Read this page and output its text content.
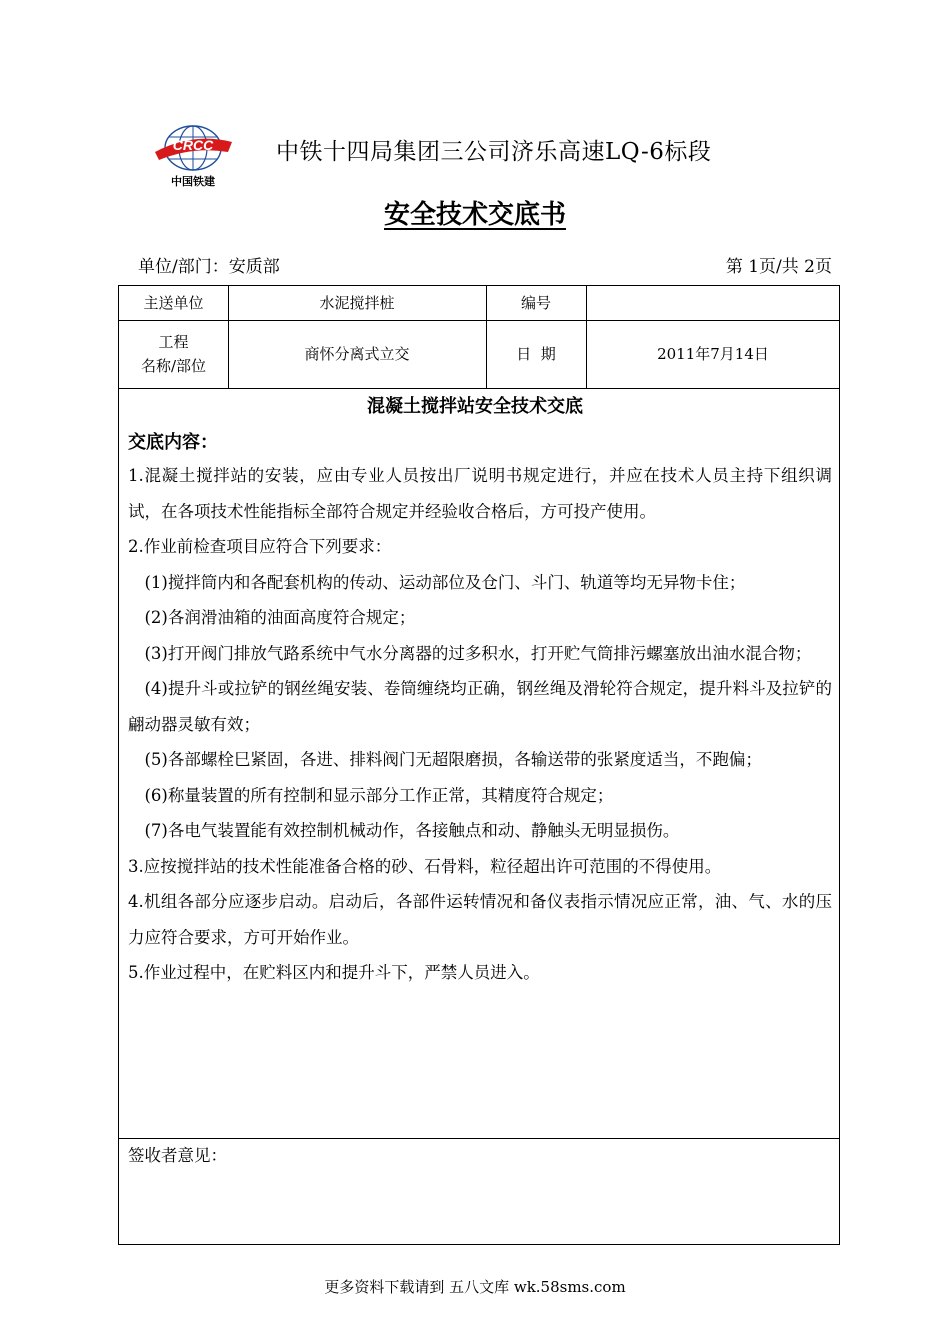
CRCC
中国铁建
中铁十四局集团三公司济乐高速LQ-6标段
安全技术交底书
单位/部门：安质部	第 1页/共 2页
主送单位	水泥搅拌桩	编号
工程
名称/部位
商怀分离式立交	日  期	2011年7月14日
混凝土搅拌站安全技术交底
交底内容：

1.混凝土搅拌站的安装，应由专业人员按出厂说明书规定进行，并应在技术人员主持下组织调试，在各项技术性能指标全部符合规定并经验收合格后，方可投产使用。

2.作业前检查项目应符合下列要求：

(1)搅拌筒内和各配套机构的传动、运动部位及仓门、斗门、轨道等均无异物卡住；

(2)各润滑油箱的油面高度符合规定；

(3)打开阀门排放气路系统中气水分离器的过多积水，打开贮气筒排污螺塞放出油水混合物；

(4)提升斗或拉铲的钢丝绳安装、卷筒缠绕均正确，钢丝绳及滑轮符合规定，提升料斗及拉铲的翩动器灵敏有效；

(5)各部螺栓巳紧固，各进、排料阀门无超限磨损，各输送带的张紧度适当，不跑偏；

(6)称量装置的所有控制和显示部分工作正常，其精度符合规定；

(7)各电气装置能有效控制机械动作，各接触点和动、静触头无明显损伤。

3.应按搅拌站的技术性能准备合格的砂、石骨料，粒径超出许可范围的不得使用。

4.机组各部分应逐步启动。启动后，各部件运转情况和备仪表指示情况应正常，油、气、水的压力应符合要求，方可开始作业。

5.作业过程中，在贮料区内和提升斗下，严禁人员进入。

签收者意见：
更多资料下载请到 五八文库 wk.58sms.com
